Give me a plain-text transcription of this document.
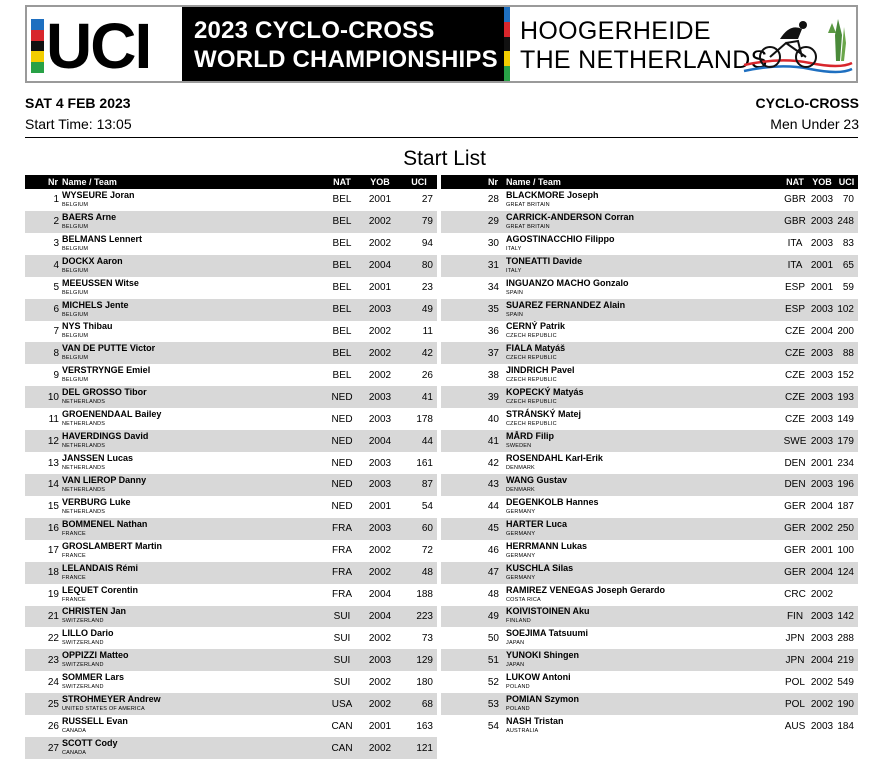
UCI 2023 CYCLO-CROSS
WORLD CHAMPIONSHIPS
HOOGERHEIDE
THE NETHERLANDS
SAT 4 FEB 2023
Start Time: 13:05
CYCLO-CROSS
Men Under 23
Start List
Nr	Name / Team	NAT	YOB	UCI
1	WYSEURE Joran
BELGIUM	BEL	2001	27
2	BAERS Arne
BELGIUM	BEL	2002	79
3	BELMANS Lennert
BELGIUM	BEL	2002	94
4	DOCKX Aaron
BELGIUM	BEL	2004	80
5	MEEUSSEN Witse
BELGIUM	BEL	2001	23
6	MICHELS Jente
BELGIUM	BEL	2003	49
7	NYS Thibau
BELGIUM	BEL	2002	11
8	VAN DE PUTTE Victor
BELGIUM	BEL	2002	42
9	VERSTRYNGE Emiel
BELGIUM	BEL	2002	26
10	DEL GROSSO Tibor
NETHERLANDS	NED	2003	41
11	GROENENDAAL Bailey
NETHERLANDS	NED	2003	178
12	HAVERDINGS David
NETHERLANDS	NED	2004	44
13	JANSSEN Lucas
NETHERLANDS	NED	2003	161
14	VAN LIEROP Danny
NETHERLANDS	NED	2003	87
15	VERBURG Luke
NETHERLANDS	NED	2001	54
16	BOMMENEL Nathan
FRANCE	FRA	2003	60
17	GROSLAMBERT Martin
FRANCE	FRA	2002	72
18	LELANDAIS Rémi
FRANCE	FRA	2002	48
19	LEQUET Corentin
FRANCE	FRA	2004	188
21	CHRISTEN Jan
SWITZERLAND	SUI	2004	223
22	LILLO Dario
SWITZERLAND	SUI	2002	73
23	OPPIZZI Matteo
SWITZERLAND	SUI	2003	129
24	SOMMER Lars
SWITZERLAND	SUI	2002	180
25	STROHMEYER Andrew
UNITED STATES OF AMERICA	USA	2002	68
26	RUSSELL Evan
CANADA	CAN	2001	163
27	SCOTT Cody
CANADA	CAN	2002	121
Nr	Name / Team	NAT	YOB	UCI
28	BLACKMORE Joseph
GREAT BRITAIN	GBR	2003	70
29	CARRICK-ANDERSON Corran
GREAT BRITAIN	GBR	2003	248
30	AGOSTINACCHIO Filippo
ITALY	ITA	2003	83
31	TONEATTI Davide
ITALY	ITA	2001	65
34	INGUANZO MACHO Gonzalo
SPAIN	ESP	2001	59
35	SUAREZ FERNANDEZ Alain
SPAIN	ESP	2003	102
36	CERNÝ Patrik
CZECH REPUBLIC	CZE	2004	200
37	FIALA Matyáš
CZECH REPUBLIC	CZE	2003	88
38	JINDRICH Pavel
CZECH REPUBLIC	CZE	2003	152
39	KOPECKÝ Matyás
CZECH REPUBLIC	CZE	2003	193
40	STRÁNSKÝ Matej
CZECH REPUBLIC	CZE	2003	149
41	MÅRD Filip
SWEDEN	SWE	2003	179
42	ROSENDAHL Karl-Erik
DENMARK	DEN	2001	234
43	WANG Gustav
DENMARK	DEN	2003	196
44	DEGENKOLB Hannes
GERMANY	GER	2004	187
45	HARTER Luca
GERMANY	GER	2002	250
46	HERRMANN Lukas
GERMANY	GER	2001	100
47	KUSCHLA Silas
GERMANY	GER	2004	124
48	RAMIREZ VENEGAS Joseph Gerardo
COSTA RICA	CRC	2002	
49	KOIVISTOINEN Aku
FINLAND	FIN	2003	142
50	SOEJIMA Tatsuumi
JAPAN	JPN	2003	288
51	YUNOKI Shingen
JAPAN	JPN	2004	219
52	LUKOW Antoni
POLAND	POL	2002	549
53	POMIAN Szymon
POLAND	POL	2002	190
54	NASH Tristan
AUSTRALIA	AUS	2003	184
